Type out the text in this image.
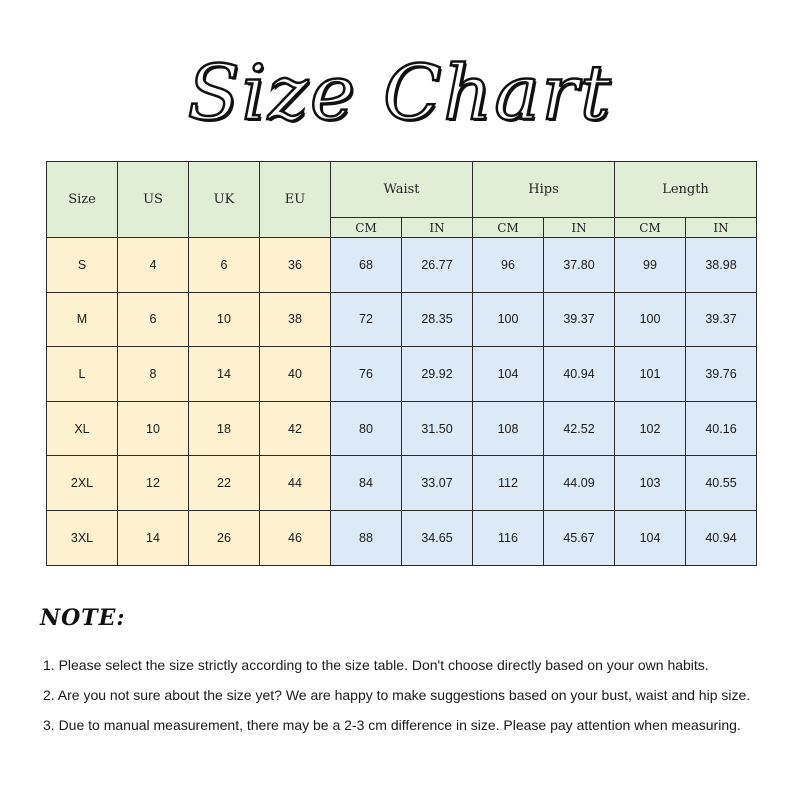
Size Chart
Size	US	UK	EU	Waist		Hips		Length	
				CM	IN	CM	IN	CM	IN
S	4	6	36	68	26.77	96	37.80	99	38.98
M	6	10	38	72	28.35	100	39.37	100	39.37
L	8	14	40	76	29.92	104	40.94	101	39.76
XL	10	18	42	80	31.50	108	42.52	102	40.16
2XL	12	22	44	84	33.07	112	44.09	103	40.55
3XL	14	26	46	88	34.65	116	45.67	104	40.94
NOTE:
1. Please select the size strictly according to the size table. Don't choose directly based on your own habits.
2. Are you not sure about the size yet? We are happy to make suggestions based on your bust, waist and hip size.
3. Due to manual measurement, there may be a 2-3 cm difference in size. Please pay attention when measuring.
